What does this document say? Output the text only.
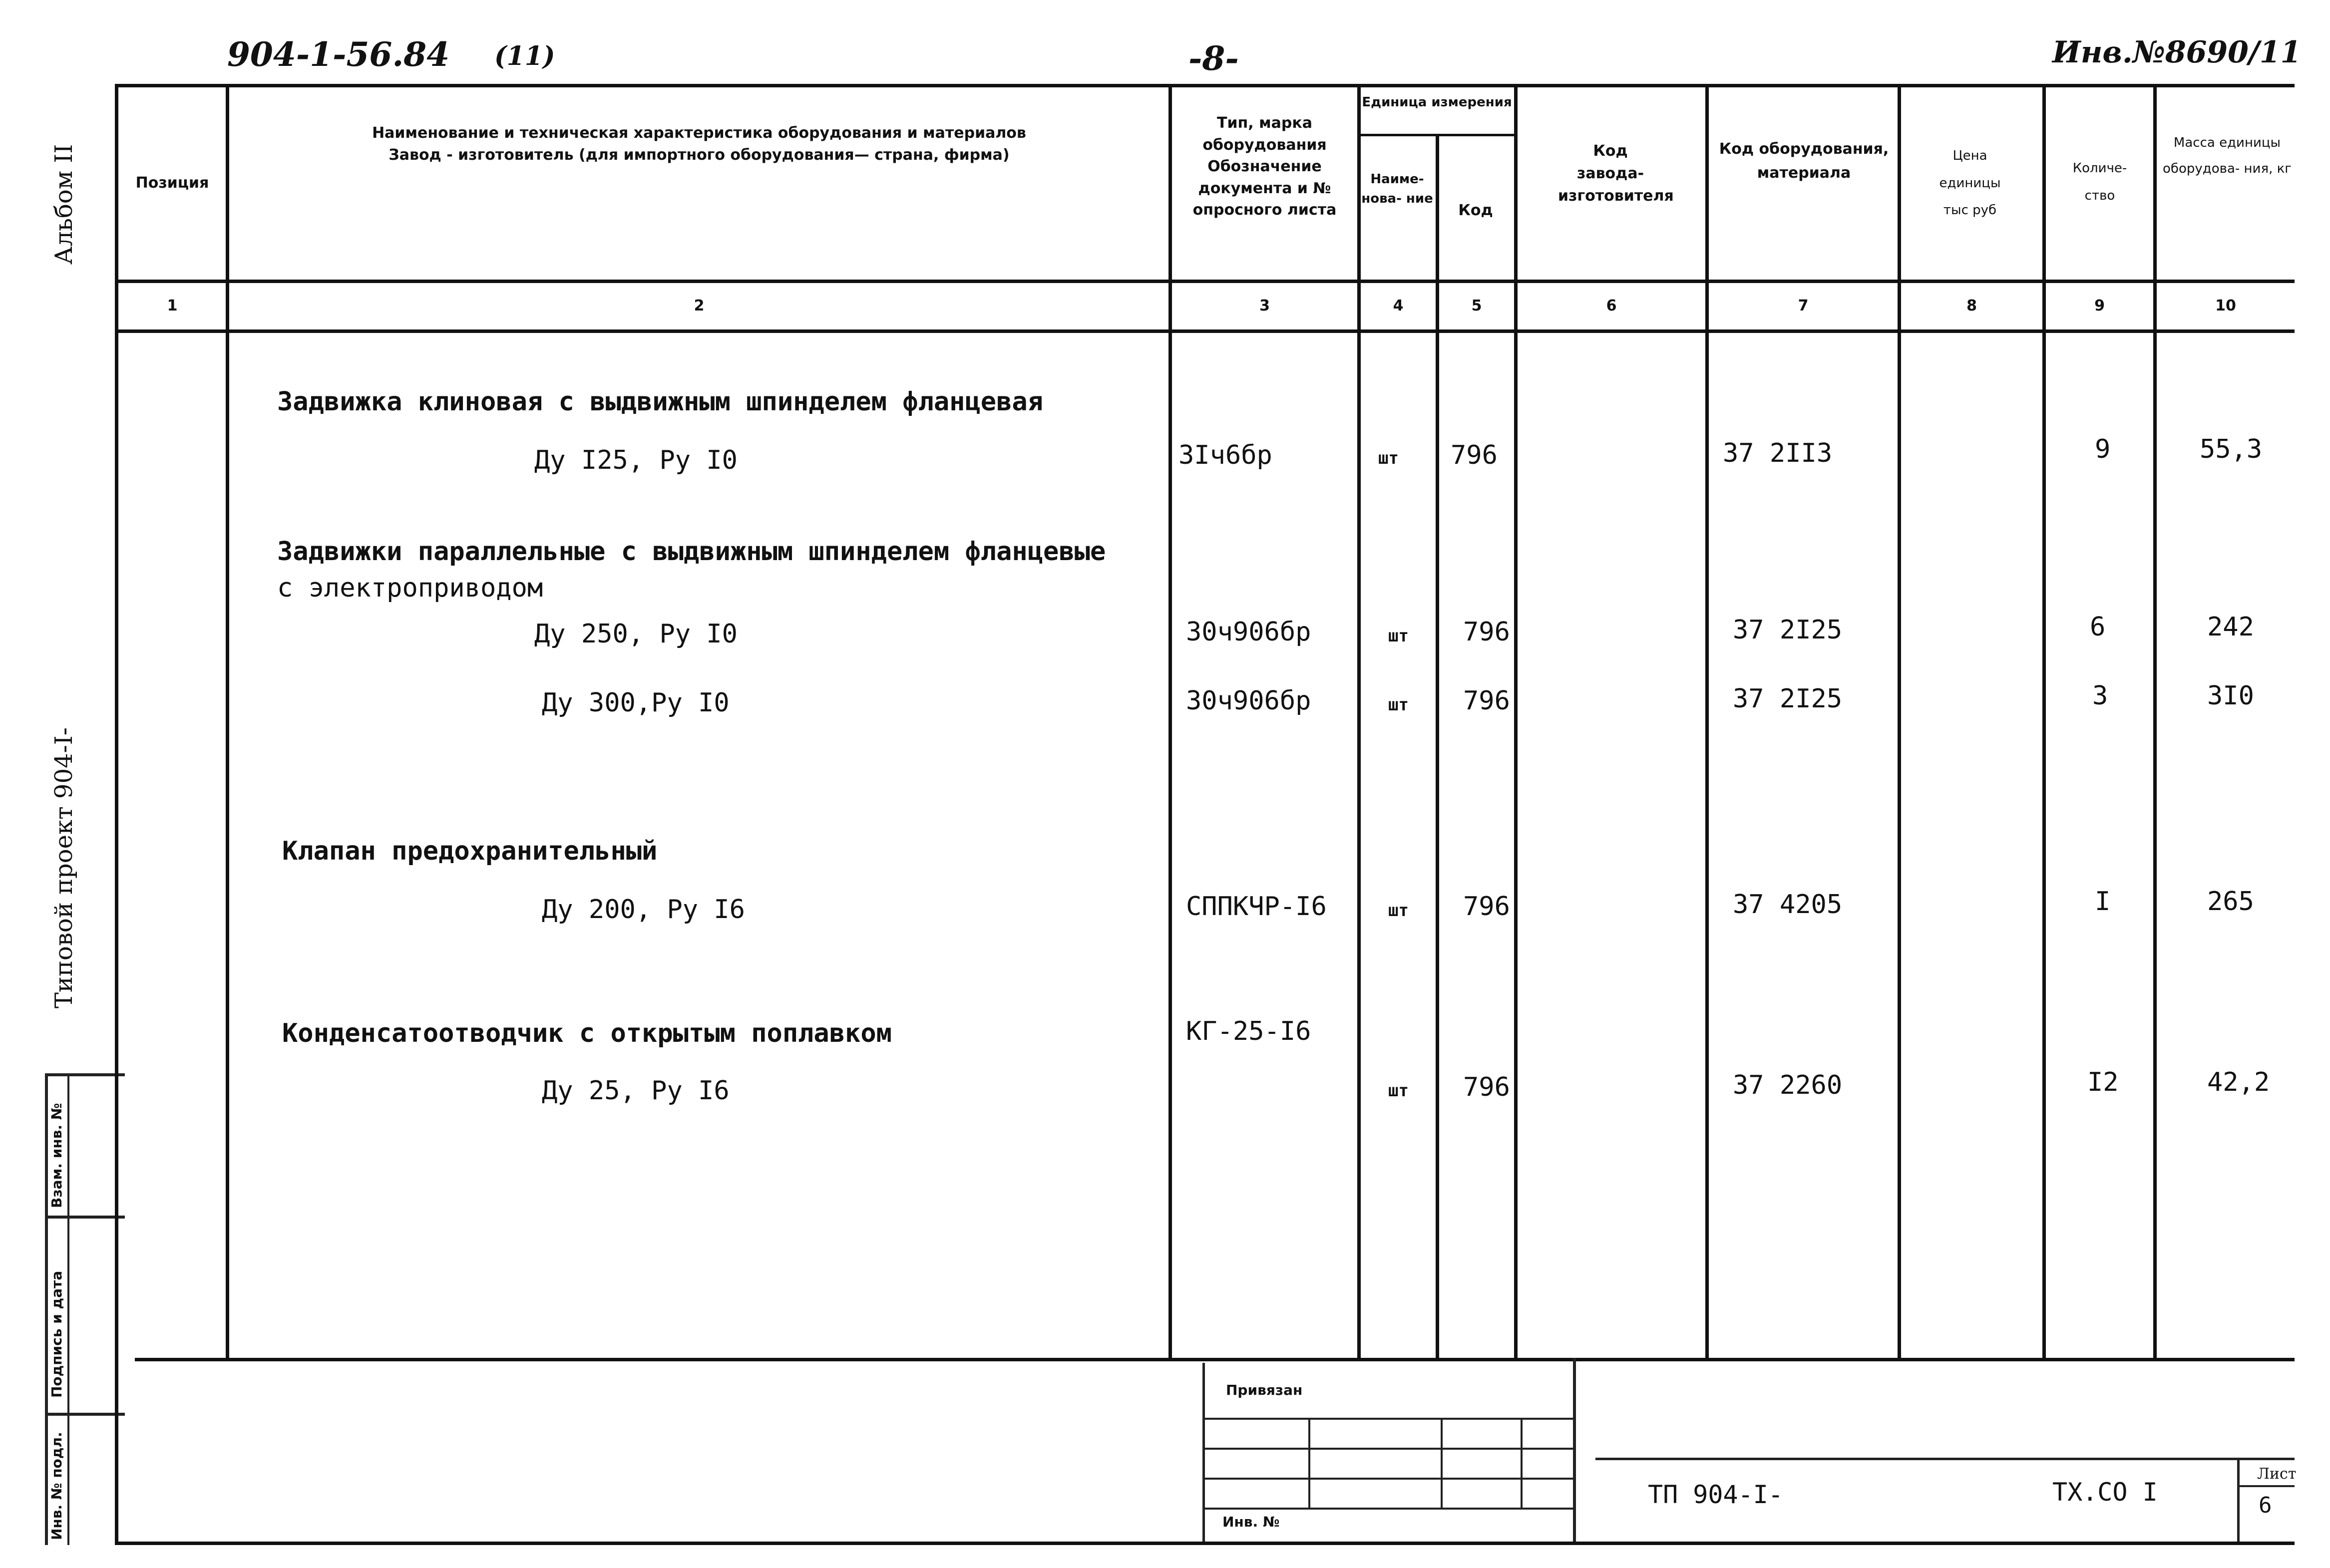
904-1-56.84 (11)	-8-	Инв.№8690/11
Альбом II
Типовой проект 904-I-
Взам. инв. №
Подпись и дата
Инв. № подл.
Позиция
Наименование и техническая характеристика оборудования и материалов Завод - изготовитель (для импортного оборудования— страна, фирма)
Тип, марка оборудования Обозначение документа и № опросного листа
Единица измерения
Наиме- нова- ние
Код
Код завода- изготовителя
Код оборудования, материала
Цена единицы тыс руб
Количе- ство
Масса единицы оборудова- ния, кг
1	2	3	4	5	6	7	8	9	10
Задвижка клиновая с выдвижным шпинделем фланцевая
Ду I25, Ру I0	3Iч6бр	шт 796	37 2II3	9	55,3
Задвижки параллельные с выдвижным шпинделем фланцевые
с электроприводом
Ду 250, Ру I0	30ч906бр	шт 796	37 2I25	6	242
Ду 300,Ру I0	30ч906бр	шт 796	37 2I25	3	3I0
Клапан предохранительный
Ду 200, Ру I6	СППКЧР-I6	шт 796	37 4205	I	265
Конденсатоотводчик с открытым поплавком	КГ-25-I6
Ду 25, Ру I6	шт 796	37 2260	I2	42,2
Привязан
Инв. №
ТП 904-I-	ТХ.СО I
Лист
6
